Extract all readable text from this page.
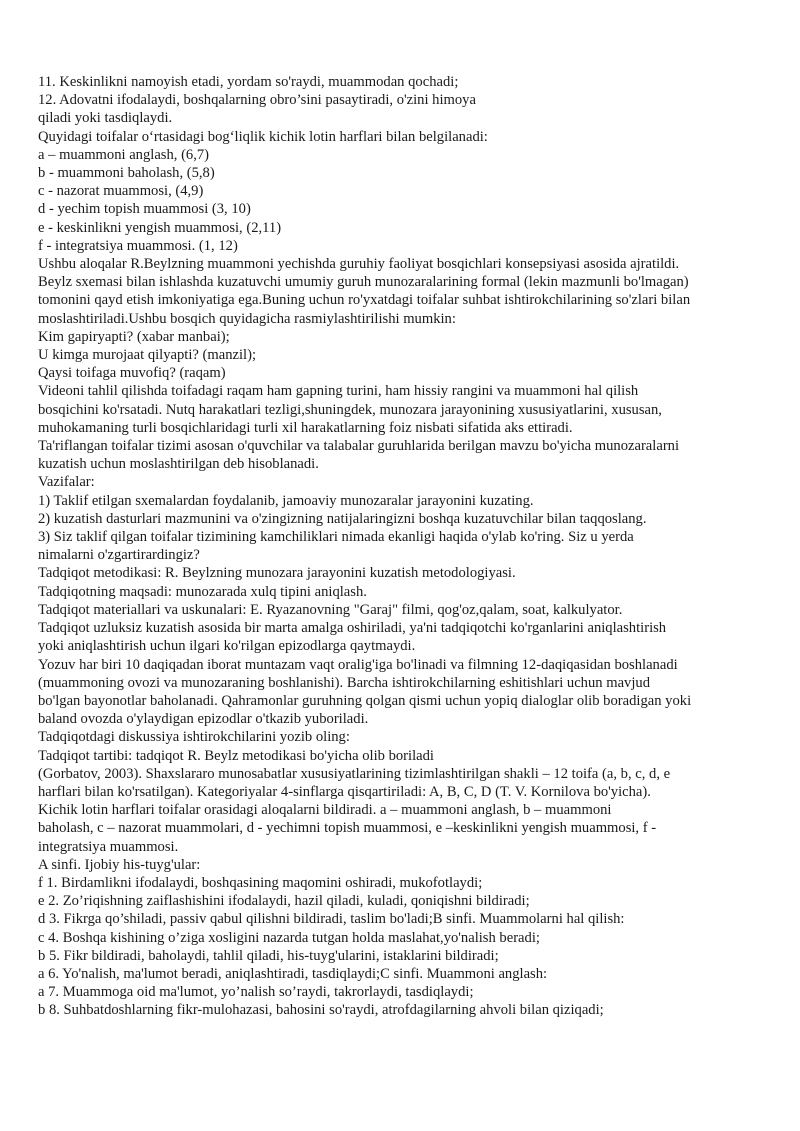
11. Keskinlikni namoyish etadi, yordam so'raydi, muammodan qochadi;
12. Adovatni ifodalaydi, boshqalarning obro’sini pasaytiradi, o'zini himoya
qiladi yoki tasdiqlaydi.
Quyidagi toifalar oʻrtasidagi bogʻliqlik kichik lotin harflari bilan belgilanadi:
a – muammoni anglash, (6,7)
b - muammoni baholash, (5,8)
c - nazorat muammosi, (4,9)
d - yechim topish muammosi (3, 10)
e - keskinlikni yengish muammosi, (2,11)
f - integratsiya muammosi. (1, 12)
Ushbu aloqalar R.Beylzning muammoni yechishda guruhiy faoliyat bosqichlari konsepsiyasi asosida ajratildi.
Beylz sxemasi bilan ishlashda kuzatuvchi umumiy guruh munozaralarining formal (lekin mazmunli bo'lmagan)
tomonini qayd etish imkoniyatiga ega.Buning uchun ro'yxatdagi toifalar suhbat ishtirokchilarining so'zlari bilan
moslashtiriladi.Ushbu bosqich quyidagicha rasmiylashtirilishi mumkin:
Kim gapiryapti? (xabar manbai);
U kimga murojaat qilyapti? (manzil);
Qaysi toifaga muvofiq? (raqam)
Videoni tahlil qilishda toifadagi raqam ham gapning turini, ham hissiy rangini va muammoni hal qilish
bosqichini ko'rsatadi. Nutq harakatlari tezligi,shuningdek, munozara jarayonining xususiyatlarini, xususan,
muhokamaning turli bosqichlaridagi turli xil harakatlarning foiz nisbati sifatida aks ettiradi.
Ta'riflangan toifalar tizimi asosan o'quvchilar va talabalar guruhlarida berilgan mavzu bo'yicha munozaralarni
kuzatish uchun moslashtirilgan deb hisoblanadi.
Vazifalar:
1) Taklif etilgan sxemalardan foydalanib, jamoaviy munozaralar jarayonini kuzating.
2) kuzatish dasturlari mazmunini va o'zingizning natijalaringizni boshqa kuzatuvchilar bilan taqqoslang.
3) Siz taklif qilgan toifalar tizimining kamchiliklari nimada ekanligi haqida o'ylab ko'ring. Siz u yerda
nimalarni o'zgartirardingiz?
Tadqiqot metodikasi: R. Beylzning munozara jarayonini kuzatish metodologiyasi.
Tadqiqotning maqsadi: munozarada xulq tipini aniqlash.
Tadqiqot materiallari va uskunalari: E. Ryazanovning "Garaj" filmi, qog'oz,qalam, soat, kalkulyator.
Tadqiqot uzluksiz kuzatish asosida bir marta amalga oshiriladi, ya'ni tadqiqotchi ko'rganlarini aniqlashtirish
yoki aniqlashtirish uchun ilgari ko'rilgan epizodlarga qaytmaydi.
Yozuv har biri 10 daqiqadan iborat muntazam vaqt oralig'iga bo'linadi va filmning 12-daqiqasidan boshlanadi
(muammoning ovozi va munozaraning boshlanishi). Barcha ishtirokchilarning eshitishlari uchun mavjud
bo'lgan bayonotlar baholanadi. Qahramonlar guruhning qolgan qismi uchun yopiq dialoglar olib boradigan yoki
baland ovozda o'ylaydigan epizodlar o'tkazib yuboriladi.
Tadqiqotdagi diskussiya ishtirokchilarini yozib oling:
Tadqiqot tartibi: tadqiqot R. Beylz metodikasi bo'yicha olib boriladi
(Gorbatov, 2003). Shaxslararo munosabatlar xususiyatlarining tizimlashtirilgan shakli – 12 toifa (a, b, c, d, e
harflari bilan ko'rsatilgan). Kategoriyalar 4-sinflarga qisqartiriladi: A, B, C, D (T. V. Kornilova bo'yicha).
Kichik lotin harflari toifalar orasidagi aloqalarni bildiradi. a – muammoni anglash, b – muammoni
baholash, c – nazorat muammolari, d - yechimni topish muammosi, e –keskinlikni yengish muammosi, f -
integratsiya muammosi.
A sinfi. Ijobiy his-tuyg'ular:
f 1. Birdamlikni ifodalaydi, boshqasining maqomini oshiradi, mukofotlaydi;
e 2. Zo’riqishning zaiflashishini ifodalaydi, hazil qiladi, kuladi, qoniqishni bildiradi;
d 3. Fikrga qo’shiladi, passiv qabul qilishni bildiradi, taslim bo'ladi;B sinfi. Muammolarni hal qilish:
c 4. Boshqa kishining o’ziga xosligini nazarda tutgan holda maslahat,yo'nalish beradi;
b 5. Fikr bildiradi, baholaydi, tahlil qiladi, his-tuyg'ularini, istaklarini bildiradi;
a 6. Yo'nalish, ma'lumot beradi, aniqlashtiradi, tasdiqlaydi;C sinfi. Muammoni anglash:
a 7. Muammoga oid ma'lumot, yo’nalish so’raydi, takrorlaydi, tasdiqlaydi;
b 8. Suhbatdoshlarning fikr-mulohazasi, bahosini so'raydi, atrofdagilarning ahvoli bilan qiziqadi;
